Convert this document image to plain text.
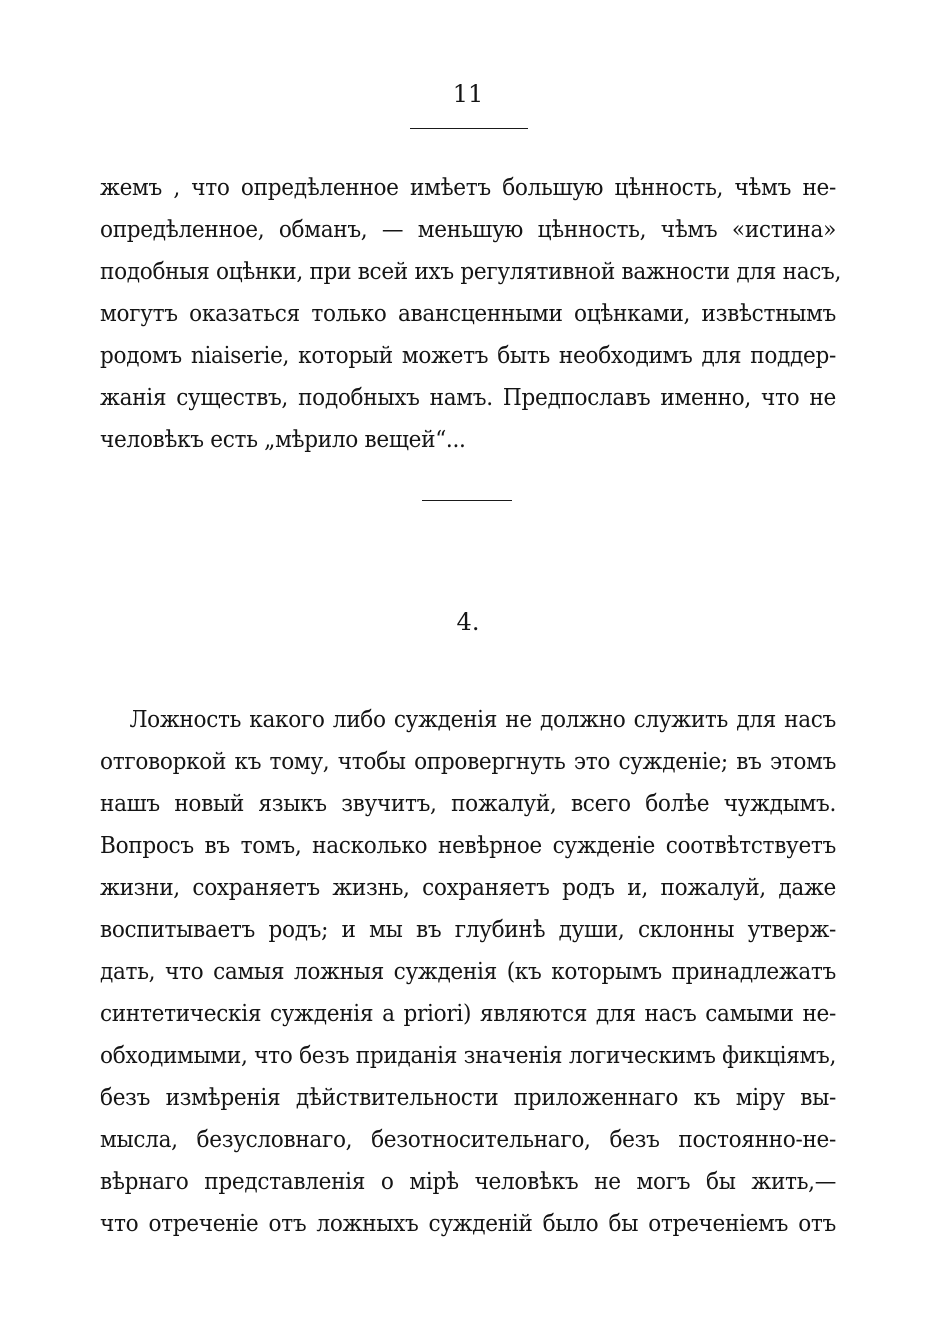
11
жемъ , что опредѣленное имѣетъ большую цѣнность, чѣмъ не-
опредѣленное, обманъ, — меньшую цѣнность, чѣмъ «истина»
подобныя оцѣнки, при всей ихъ регулятивной важности для насъ,
могутъ оказаться только авансценными оцѣнками, извѣстнымъ
родомъ niaiserie, который можетъ быть необходимъ для поддер-
жанія существъ, подобныхъ намъ. Предпославъ именно, что не
человѣкъ есть „мѣрило вещей“...
4.
Ложность какого либо сужденія не должно служить для насъ
отговоркой къ тому, чтобы опровергнуть это сужденіе; въ этомъ
нашъ новый языкъ звучитъ, пожалуй, всего болѣе чуждымъ.
Вопросъ въ томъ, насколько невѣрное сужденіе соотвѣтствуетъ
жизни, сохраняетъ жизнь, сохраняетъ родъ и, пожалуй, даже
воспитываетъ родъ; и мы въ глубинѣ души, склонны утверж-
дать, что самыя ложныя сужденія (къ которымъ принадлежатъ
синтетическія сужденія a priori) являются для насъ самыми не-
обходимыми, что безъ приданія значенія логическимъ фикціямъ,
безъ измѣренія дѣйствительности приложеннаго къ міру вы-
мысла, безусловнаго, безотносительнаго, безъ постоянно-не-
вѣрнаго представленія о мірѣ человѣкъ не могъ бы жить,—
что отреченіе отъ ложныхъ сужденій было бы отреченіемъ отъ
